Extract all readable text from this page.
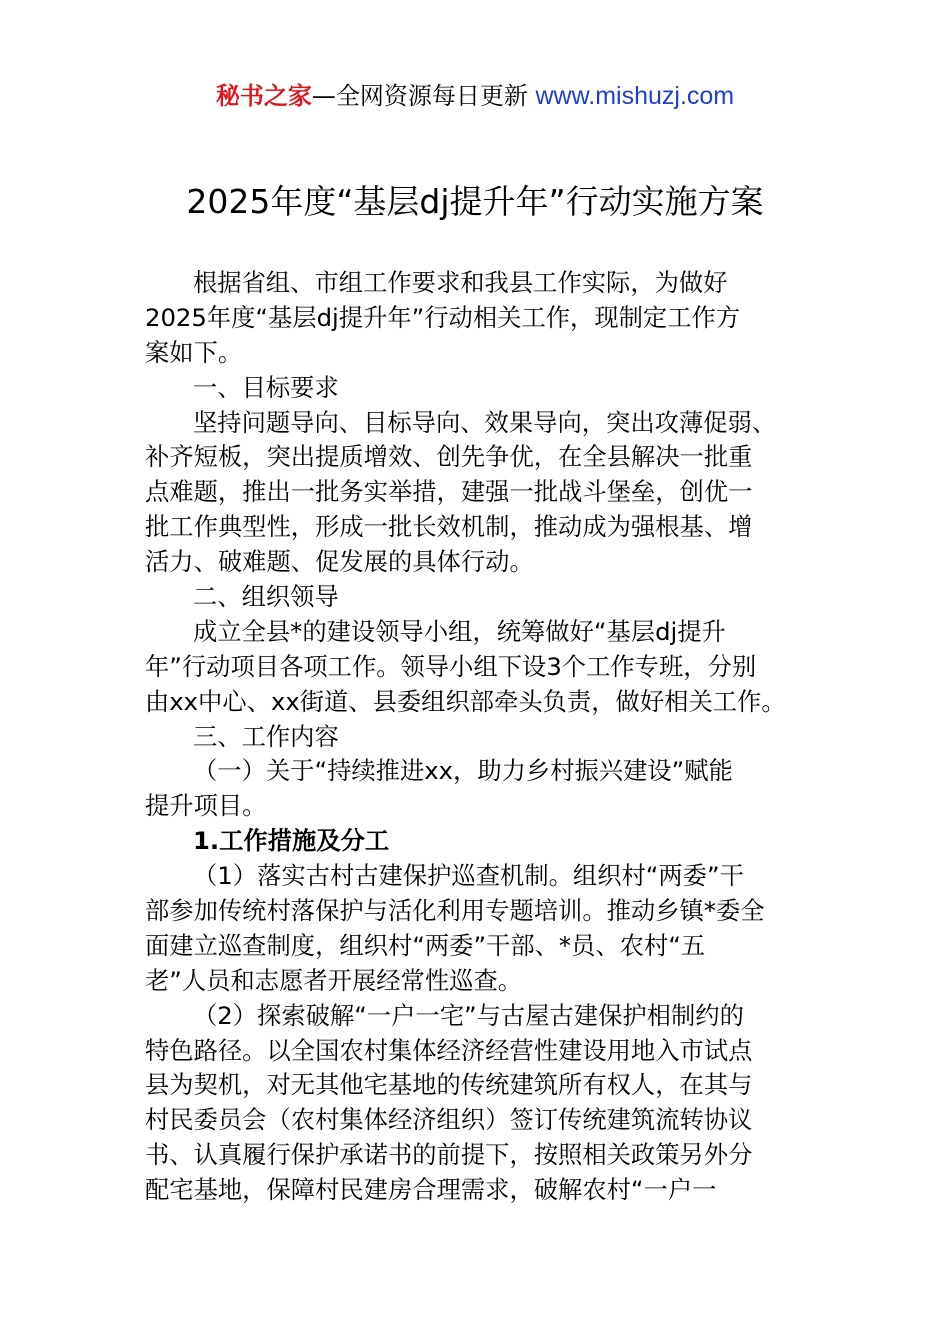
秘书之家—全网资源每日更新 www.mishuzj.com
2025年度“基层dj提升年”行动实施方案
根据省组、市组工作要求和我县工作实际，为做好
2025年度“基层dj提升年”行动相关工作，现制定工作方
案如下。
一、目标要求
坚持问题导向、目标导向、效果导向，突出攻薄促弱、
补齐短板，突出提质增效、创先争优，在全县解决一批重
点难题，推出一批务实举措，建强一批战斗堡垒，创优一
批工作典型性，形成一批长效机制，推动成为强根基、增
活力、破难题、促发展的具体行动。
二、组织领导
成立全县*的建设领导小组，统筹做好“基层dj提升
年”行动项目各项工作。领导小组下设3个工作专班，分别
由xx中心、xx街道、县委组织部牵头负责，做好相关工作。
三、工作内容
（一）关于“持续推进xx，助力乡村振兴建设”赋能
提升项目。
1.工作措施及分工
（1）落实古村古建保护巡查机制。组织村“两委”干
部参加传统村落保护与活化利用专题培训。推动乡镇*委全
面建立巡查制度，组织村“两委”干部、*员、农村“五
老”人员和志愿者开展经常性巡查。
（2）探索破解“一户一宅”与古屋古建保护相制约的
特色路径。以全国农村集体经济经营性建设用地入市试点
县为契机，对无其他宅基地的传统建筑所有权人，在其与
村民委员会（农村集体经济组织）签订传统建筑流转协议
书、认真履行保护承诺书的前提下，按照相关政策另外分
配宅基地，保障村民建房合理需求，破解农村“一户一
